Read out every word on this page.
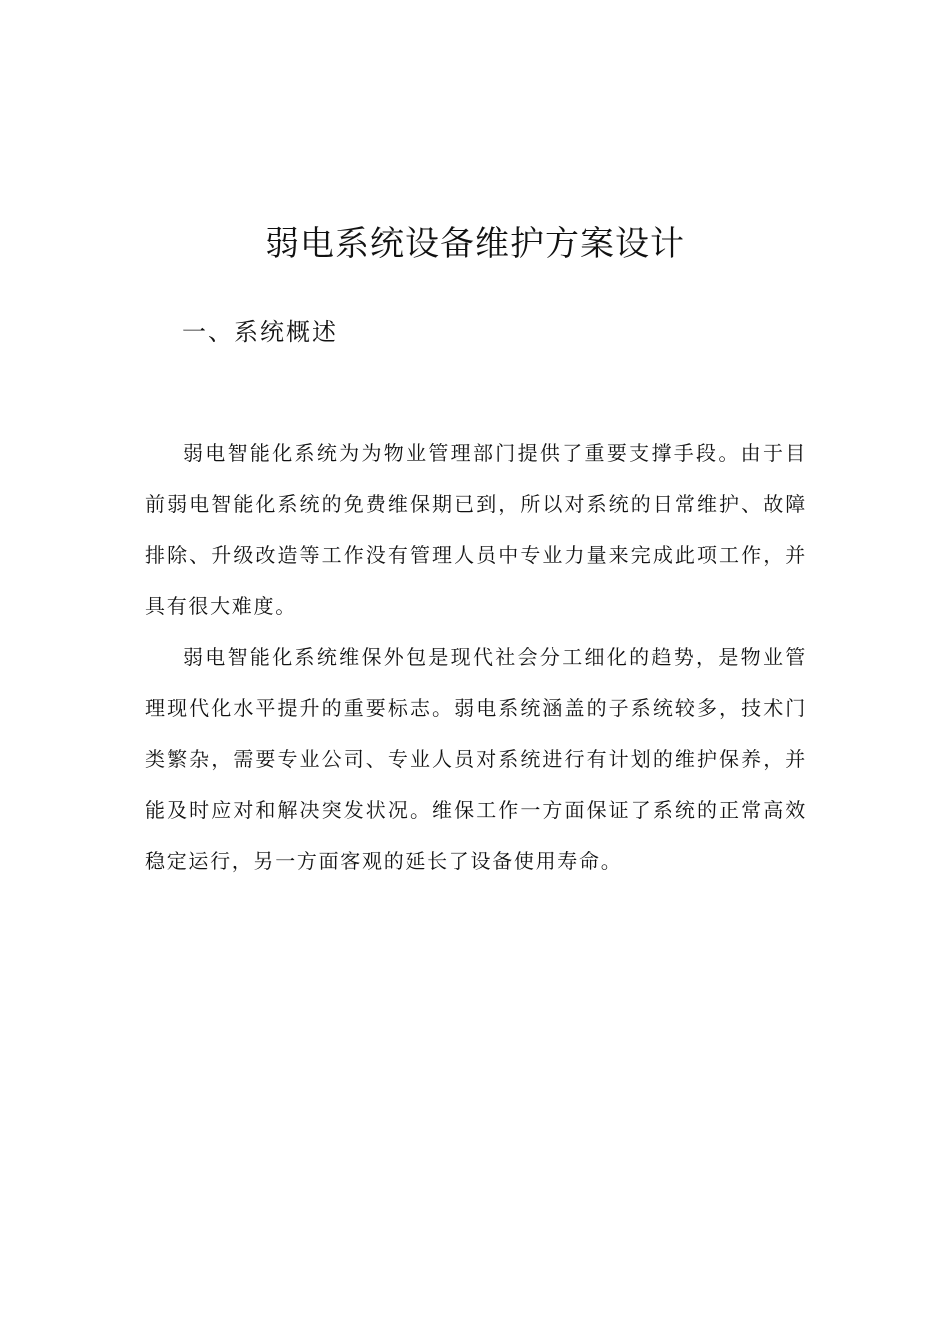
弱电系统设备维护方案设计
一、系统概述

弱电智能化系统为为物业管理部门提供了重要支撑手段。由于目前弱电智能化系统的免费维保期已到，所以对系统的日常维护、故障排除、升级改造等工作没有管理人员中专业力量来完成此项工作，并具有很大难度。

弱电智能化系统维保外包是现代社会分工细化的趋势，是物业管理现代化水平提升的重要标志。弱电系统涵盖的子系统较多，技术门类繁杂，需要专业公司、专业人员对系统进行有计划的维护保养，并能及时应对和解决突发状况。维保工作一方面保证了系统的正常高效稳定运行，另一方面客观的延长了设备使用寿命。
